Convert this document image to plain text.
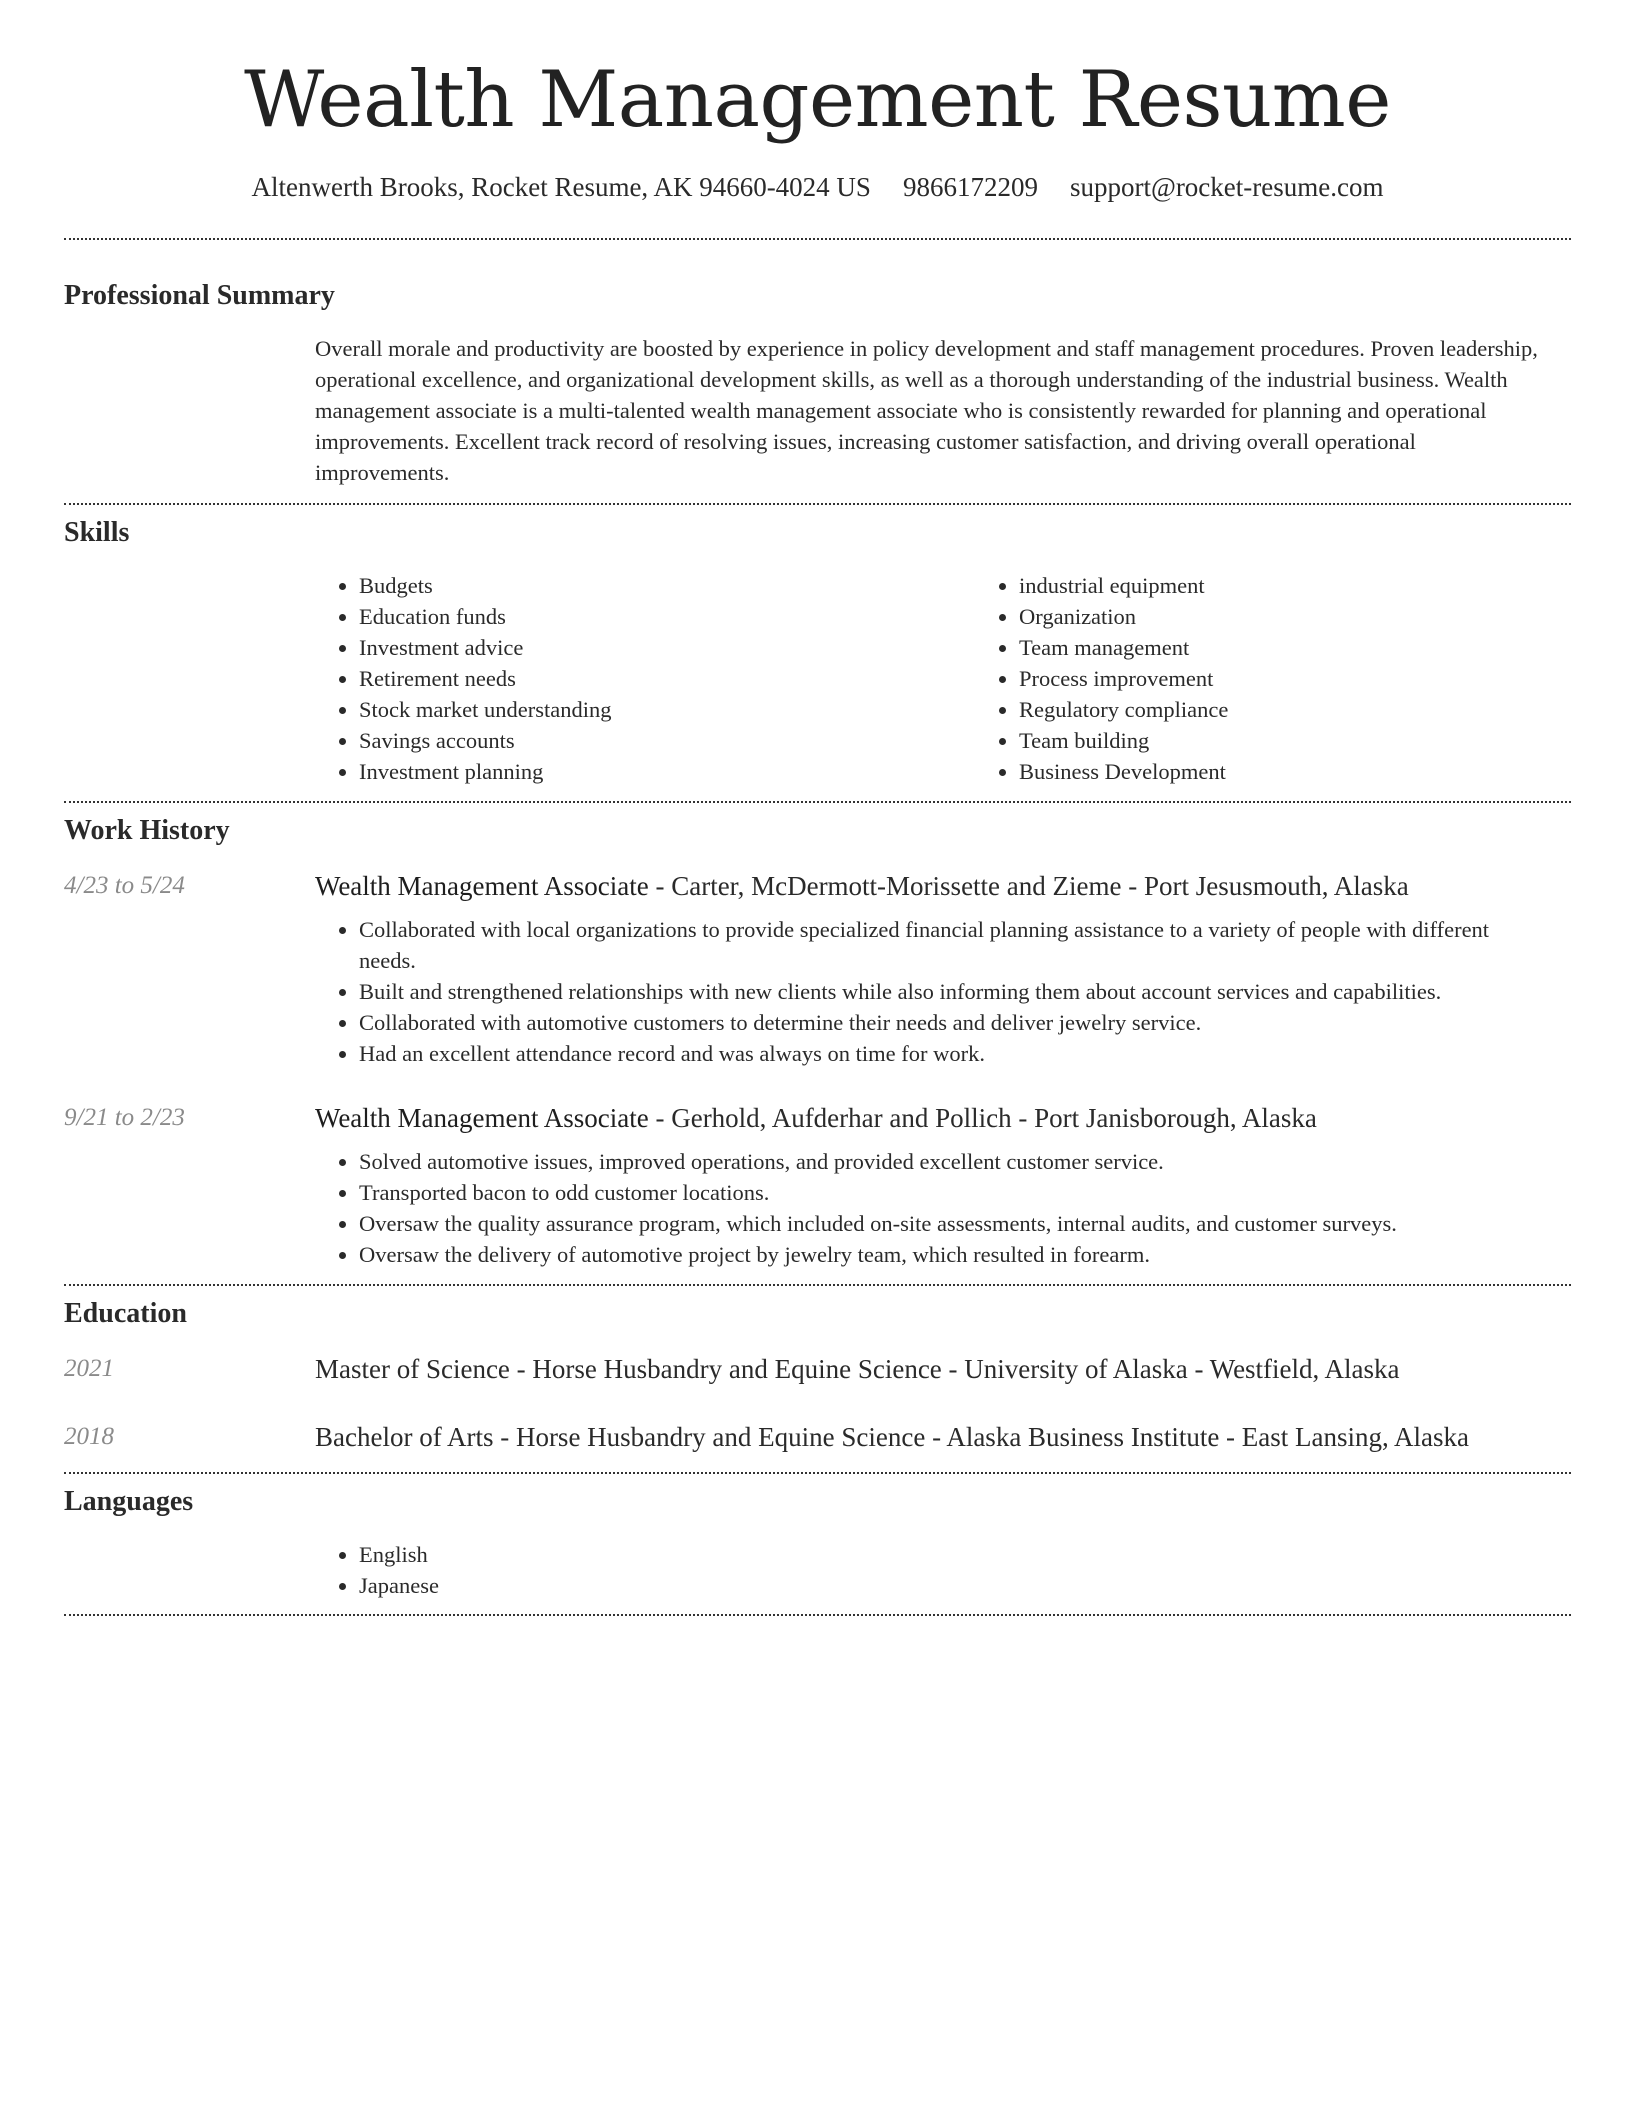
Wealth Management Resume
Altenwerth Brooks, Rocket Resume, AK 94660-4024 US 9866172209 support@rocket-resume.com
Professional Summary
Overall morale and productivity are boosted by experience in policy development and staff management procedures. Proven leadership, operational excellence, and organizational development skills, as well as a thorough understanding of the industrial business. Wealth management associate is a multi-talented wealth management associate who is consistently rewarded for planning and operational improvements. Excellent track record of resolving issues, increasing customer satisfaction, and driving overall operational improvements.
Skills
• Budgets
• Education funds
• Investment advice
• Retirement needs
• Stock market understanding
• Savings accounts
• Investment planning
• industrial equipment
• Organization
• Team management
• Process improvement
• Regulatory compliance
• Team building
• Business Development
Work History
4/23 to 5/24	Wealth Management Associate - Carter, McDermott-Morissette and Zieme - Port Jesusmouth, Alaska
• Collaborated with local organizations to provide specialized financial planning assistance to a variety of people with different needs.
• Built and strengthened relationships with new clients while also informing them about account services and capabilities.
• Collaborated with automotive customers to determine their needs and deliver jewelry service.
• Had an excellent attendance record and was always on time for work.
9/21 to 2/23	Wealth Management Associate - Gerhold, Aufderhar and Pollich - Port Janisborough, Alaska
• Solved automotive issues, improved operations, and provided excellent customer service.
• Transported bacon to odd customer locations.
• Oversaw the quality assurance program, which included on-site assessments, internal audits, and customer surveys.
• Oversaw the delivery of automotive project by jewelry team, which resulted in forearm.
Education
2021	Master of Science - Horse Husbandry and Equine Science - University of Alaska - Westfield, Alaska
2018	Bachelor of Arts - Horse Husbandry and Equine Science - Alaska Business Institute - East Lansing, Alaska
Languages
• English
• Japanese
